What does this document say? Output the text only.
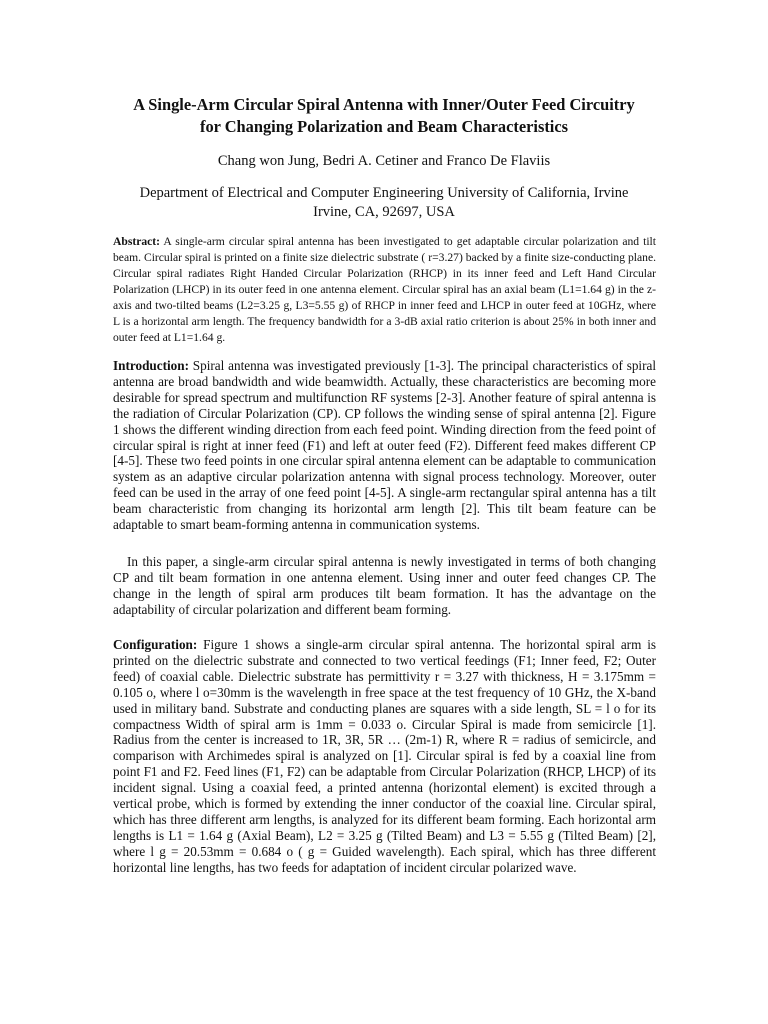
A Single-Arm Circular Spiral Antenna with Inner/Outer Feed Circuitry
for Changing Polarization and Beam Characteristics
Chang won Jung, Bedri A. Cetiner and Franco De Flaviis
Department of Electrical and Computer Engineering University of California, Irvine
Irvine, CA, 92697, USA

Abstract: A single-arm circular spiral antenna has been investigated to get adaptable circular polarization and tilt beam. Circular spiral is printed on a finite size dielectric substrate ( r=3.27) backed by a finite size-conducting plane. Circular spiral radiates Right Handed Circular Polarization (RHCP) in its inner feed and Left Hand Circular Polarization (LHCP) in its outer feed in one antenna element. Circular spiral has an axial beam (L1=1.64 g) in the z-axis and two-tilted beams (L2=3.25 g, L3=5.55 g) of RHCP in inner feed and LHCP in outer feed at 10GHz, where L is a horizontal arm length. The frequency bandwidth for a 3-dB axial ratio criterion is about 25% in both inner and outer feed at L1=1.64 g.

Introduction: Spiral antenna was investigated previously [1-3]. The principal characteristics of spiral antenna are broad bandwidth and wide beamwidth. Actually, these characteristics are becoming more desirable for spread spectrum and multifunction RF systems [2-3]. Another feature of spiral antenna is the radiation of Circular Polarization (CP). CP follows the winding sense of spiral antenna [2]. Figure 1 shows the different winding direction from each feed point. Winding direction from the feed point of circular spiral is right at inner feed (F1) and left at outer feed (F2). Different feed makes different CP [4-5]. These two feed points in one circular spiral antenna element can be adaptable to communication system as an adaptive circular polarization antenna with signal process technology. Moreover, outer feed can be used in the array of one feed point [4-5]. A single-arm rectangular spiral antenna has a tilt beam characteristic from changing its horizontal arm length [2]. This tilt beam feature can be adaptable to smart beam-forming antenna in communication systems.

In this paper, a single-arm circular spiral antenna is newly investigated in terms of both changing CP and tilt beam formation in one antenna element. Using inner and outer feed changes CP. The change in the length of spiral arm produces tilt beam formation. It has the advantage on the adaptability of circular polarization and different beam forming.

Configuration: Figure 1 shows a single-arm circular spiral antenna. The horizontal spiral arm is printed on the dielectric substrate and connected to two vertical feedings (F1; Inner feed, F2; Outer feed) of coaxial cable. Dielectric substrate has permittivity r = 3.27 with thickness, H = 3.175mm = 0.105 o, where l o=30mm is the wavelength in free space at the test frequency of 10 GHz, the X-band used in military band. Substrate and conducting planes are squares with a side length, SL = l o for its compactness Width of spiral arm is 1mm = 0.033 o. Circular Spiral is made from semicircle [1]. Radius from the center is increased to 1R, 3R, 5R … (2m-1) R, where R = radius of semicircle, and comparison with Archimedes spiral is analyzed on [1]. Circular spiral is fed by a coaxial line from point F1 and F2. Feed lines (F1, F2) can be adaptable from Circular Polarization (RHCP, LHCP) of its incident signal. Using a coaxial feed, a printed antenna (horizontal element) is excited through a vertical probe, which is formed by extending the inner conductor of the coaxial line. Circular spiral, which has three different arm lengths, is analyzed for its different beam forming. Each horizontal arm lengths is L1 = 1.64 g (Axial Beam), L2 = 3.25 g (Tilted Beam) and L3 = 5.55 g (Tilted Beam) [2], where l g = 20.53mm = 0.684 o ( g = Guided wavelength). Each spiral, which has three different horizontal line lengths, has two feeds for adaptation of incident circular polarized wave.
